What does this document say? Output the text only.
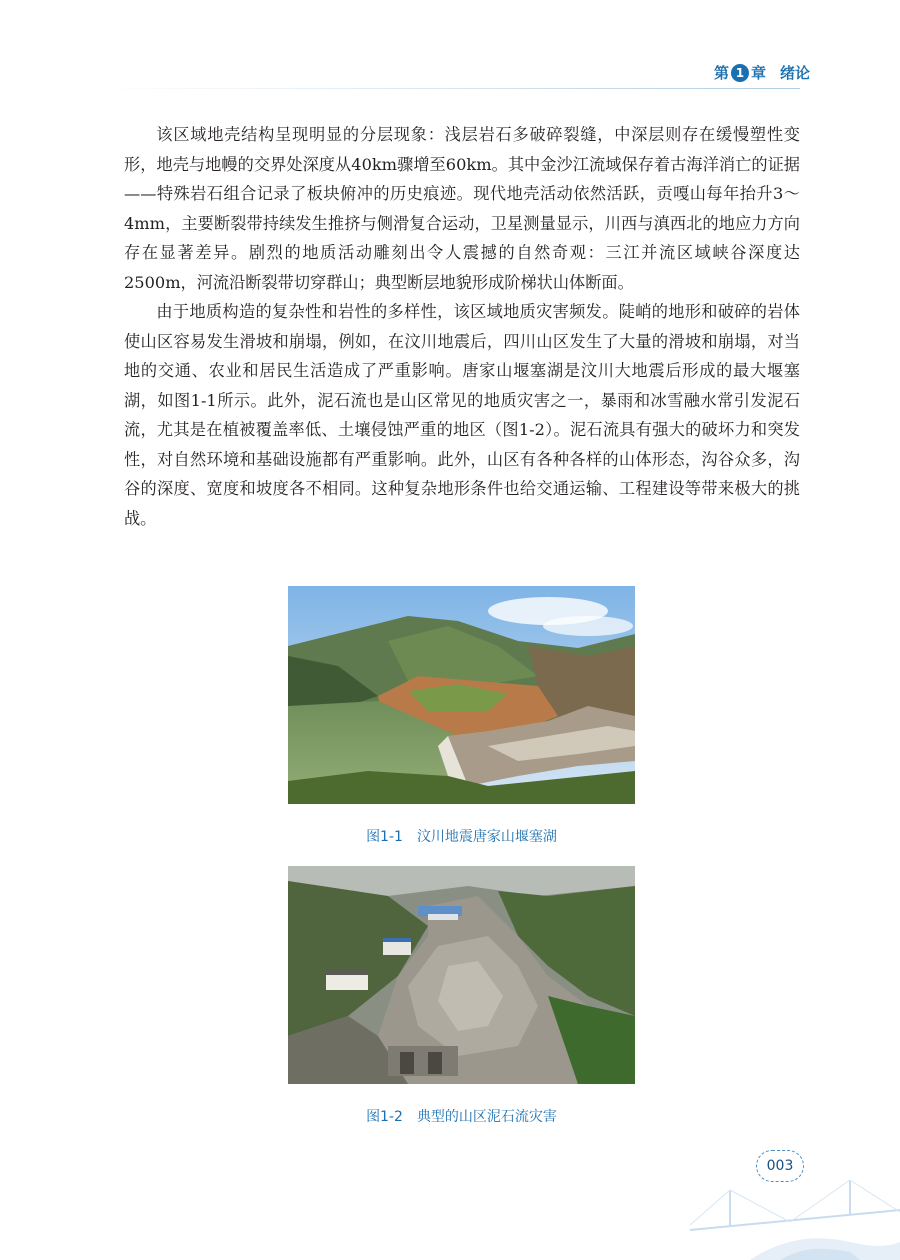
第 1 章 绪论

该区域地壳结构呈现明显的分层现象：浅层岩石多破碎裂缝，中深层则存在缓慢塑性变形，地壳与地幔的交界处深度从40km骤增至60km。其中金沙江流域保存着古海洋消亡的证据——特殊岩石组合记录了板块俯冲的历史痕迹。现代地壳活动依然活跃，贡嘎山每年抬升3～4mm，主要断裂带持续发生推挤与侧滑复合运动，卫星测量显示，川西与滇西北的地应力方向存在显著差异。剧烈的地质活动雕刻出令人震撼的自然奇观：三江并流区域峡谷深度达2500m，河流沿断裂带切穿群山；典型断层地貌形成阶梯状山体断面。

由于地质构造的复杂性和岩性的多样性，该区域地质灾害频发。陡峭的地形和破碎的岩体使山区容易发生滑坡和崩塌，例如，在汶川地震后，四川山区发生了大量的滑坡和崩塌，对当地的交通、农业和居民生活造成了严重影响。唐家山堰塞湖是汶川大地震后形成的最大堰塞湖，如图1-1所示。此外，泥石流也是山区常见的地质灾害之一，暴雨和冰雪融水常引发泥石流，尤其是在植被覆盖率低、土壤侵蚀严重的地区（图1-2）。泥石流具有强大的破坏力和突发性，对自然环境和基础设施都有严重影响。此外，山区有各种各样的山体形态，沟谷众多，沟谷的深度、宽度和坡度各不相同。这种复杂地形条件也给交通运输、工程建设等带来极大的挑战。

图1-1 汶川地震唐家山堰塞湖
图1-2 典型的山区泥石流灾害
003
